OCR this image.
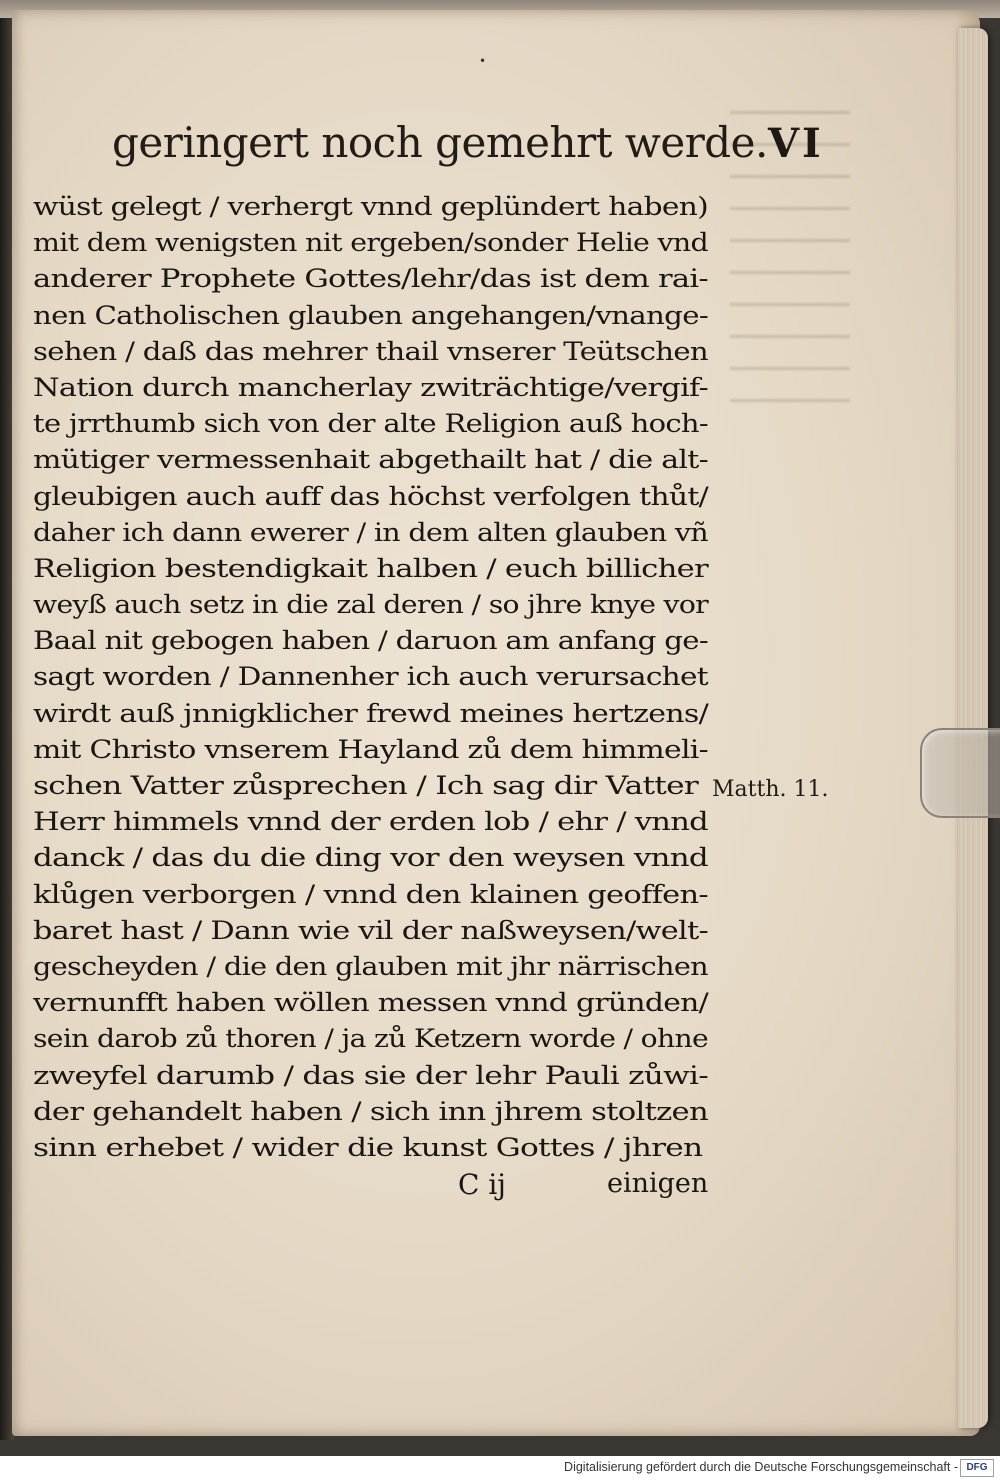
•
geringert noch gemehrt werde. VI
wüst gelegt / verhergt vnnd geplündert haben)
mit dem wenigsten nit ergeben/sonder Helie vnd
anderer Prophete Gottes/lehr/das ist dem rai-
nen Catholischen glauben angehangen/vnange-
sehen / daß das mehrer thail vnserer Teütschen
Nation durch mancherlay zwiträchtige/vergif-
te jrrthumb sich von der alte Religion auß hoch-
mütiger vermessenhait abgethailt hat / die alt-
gleubigen auch auff das höchst verfolgen thůt/
daher ich dann ewerer / in dem alten glauben vñ
Religion bestendigkait halben / euch billicher
weyß auch setz in die zal deren / so jhre knye vor
Baal nit gebogen haben / daruon am anfang ge-
sagt worden / Dannenher ich auch verursachet
wirdt auß jnnigklicher frewd meines hertzens/
mit Christo vnserem Hayland zů dem himmeli-
schen Vatter zůsprechen / Ich sag dir Vatter
Herr himmels vnnd der erden lob / ehr / vnnd
danck / das du die ding vor den weysen vnnd
klůgen verborgen / vnnd den klainen geoffen-
baret hast / Dann wie vil der naßweysen/welt-
gescheyden / die den glauben mit jhr närrischen
vernunfft haben wöllen messen vnnd gründen/
sein darob zů thoren / ja zů Ketzern worde / ohne
zweyfel darumb / das sie der lehr Pauli zůwi-
der gehandelt haben / sich inn jhrem stoltzen
sinn erhebet / wider die kunst Gottes / jhren
Matth. 11.
C ij	einigen
Digitalisierung gefördert durch die Deutsche Forschungsgemeinschaft - DFG
